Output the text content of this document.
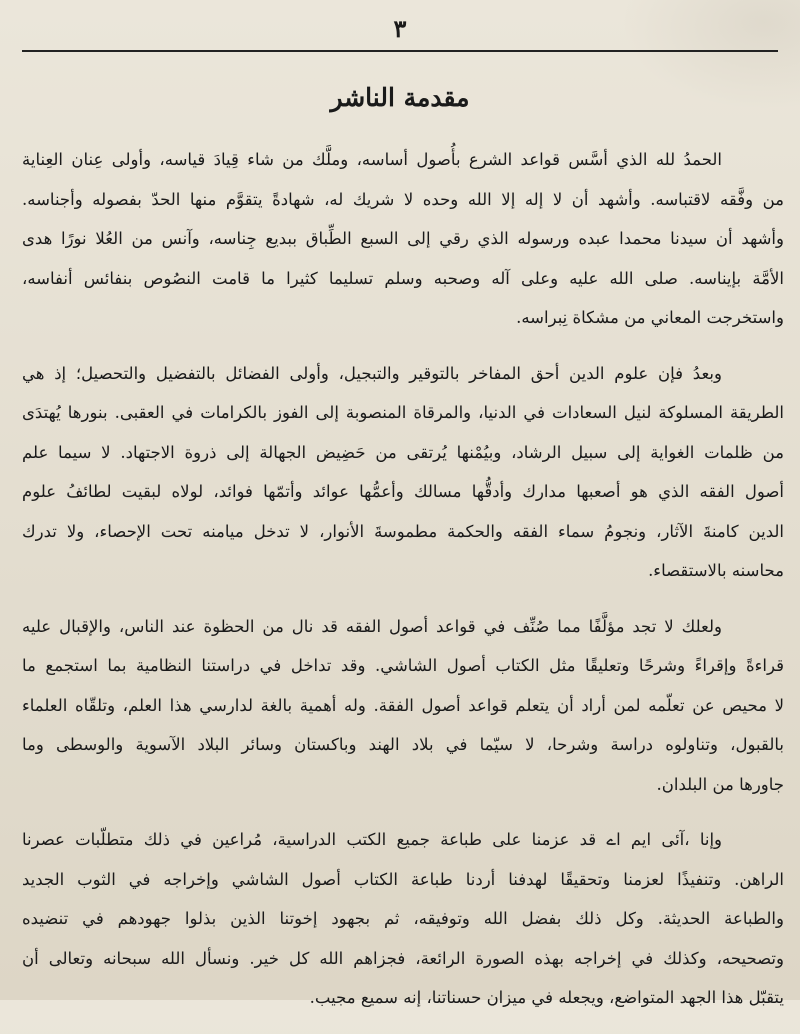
٣
مقدمة الناشر
الحمدُ لله الذي أسَّس قواعد الشرع بأُصول أساسه، وملَّك من شاء قِيادَ قياسه، وأولى عِنان العِناية
من وفَّقه لاقتباسه. وأشهد أن لا إله إلا الله وحده لا شريك له، شهادةً يتقوَّم منها الحدّ بفصوله وأجناسه.
وأشهد أن سيدنا محمدا عبده ورسوله الذي رقي إلى السبع الطِّباق ببديع جِناسه، وآنس من العُلا نورًا هدى
الأمَّة بإيناسه. صلى الله عليه وعلى آله وصحبه وسلم تسليما كثيرا ما قامت النصُوص بنفائس أنفاسه،
واستخرجت المعاني من مشكاة نِبراسه.
وبعدُ فإن علوم الدين أحق المفاخر بالتوقير والتبجيل، وأولى الفضائل بالتفضيل والتحصيل؛ إذ هي
الطريقة المسلوكة لنيل السعادات في الدنيا، والمرقاة المنصوبة إلى الفوز بالكرامات في العقبى. بنورها يُهتدَى
من ظلمات الغواية إلى سبيل الرشاد، وبيُمْنها يُرتقى من حَضِيض الجهالة إلى ذروة الاجتهاد. لا سيما علم
أصول الفقه الذي هو أصعبها مدارك وأدقُّها مسالك وأعمُّها عوائد وأتمّها فوائد، لولاه لبقيت لطائفُ علوم
الدين كامنةَ الآثار، ونجومُ سماء الفقه والحكمة مطموسةَ الأنوار، لا تدخل ميامنه تحت الإحصاء، ولا تدرك
محاسنه بالاستقصاء.
ولعلك لا تجد مؤلَّفًا مما صُنِّف في قواعد أصول الفقه قد نال من الحظوة عند الناس، والإقبال عليه
قراءةً وإقراءً وشرحًا وتعليقًا مثل الكتاب أصول الشاشي. وقد تداخل في دراستنا النظامية بما استجمع ما
لا محيص عن تعلّمه لمن أراد أن يتعلم قواعد أصول الفقة. وله أهمية بالغة لدارسي هذا العلم، وتلقّاه العلماء
بالقبول، وتناولوه دراسة وشرحا، لا سيّما في بلاد الهند وباكستان وسائر البلاد الآسوية والوسطى وما
جاورها من البلدان.
وإنا ،آئى ايم اے قد عزمنا على طباعة جميع الكتب الدراسية، مُراعين في ذلك متطلّبات عصرنا
الراهن. وتنفيذًا لعزمنا وتحقيقًا لهدفنا أردنا طباعة الكتاب أصول الشاشي وإخراجه في الثوب الجديد
والطباعة الحديثة. وكل ذلك بفضل الله وتوفيقه، ثم بجهود إخوتنا الذين بذلوا جهودهم في تنضيده
وتصحيحه، وكذلك في إخراجه بهذه الصورة الرائعة، فجزاهم الله كل خير. ونسأل الله سبحانه وتعالى أن
يتقبّل هذا الجهد المتواضع، ويجعله في ميزان حسناتنا، إنه سميع مجيب.
